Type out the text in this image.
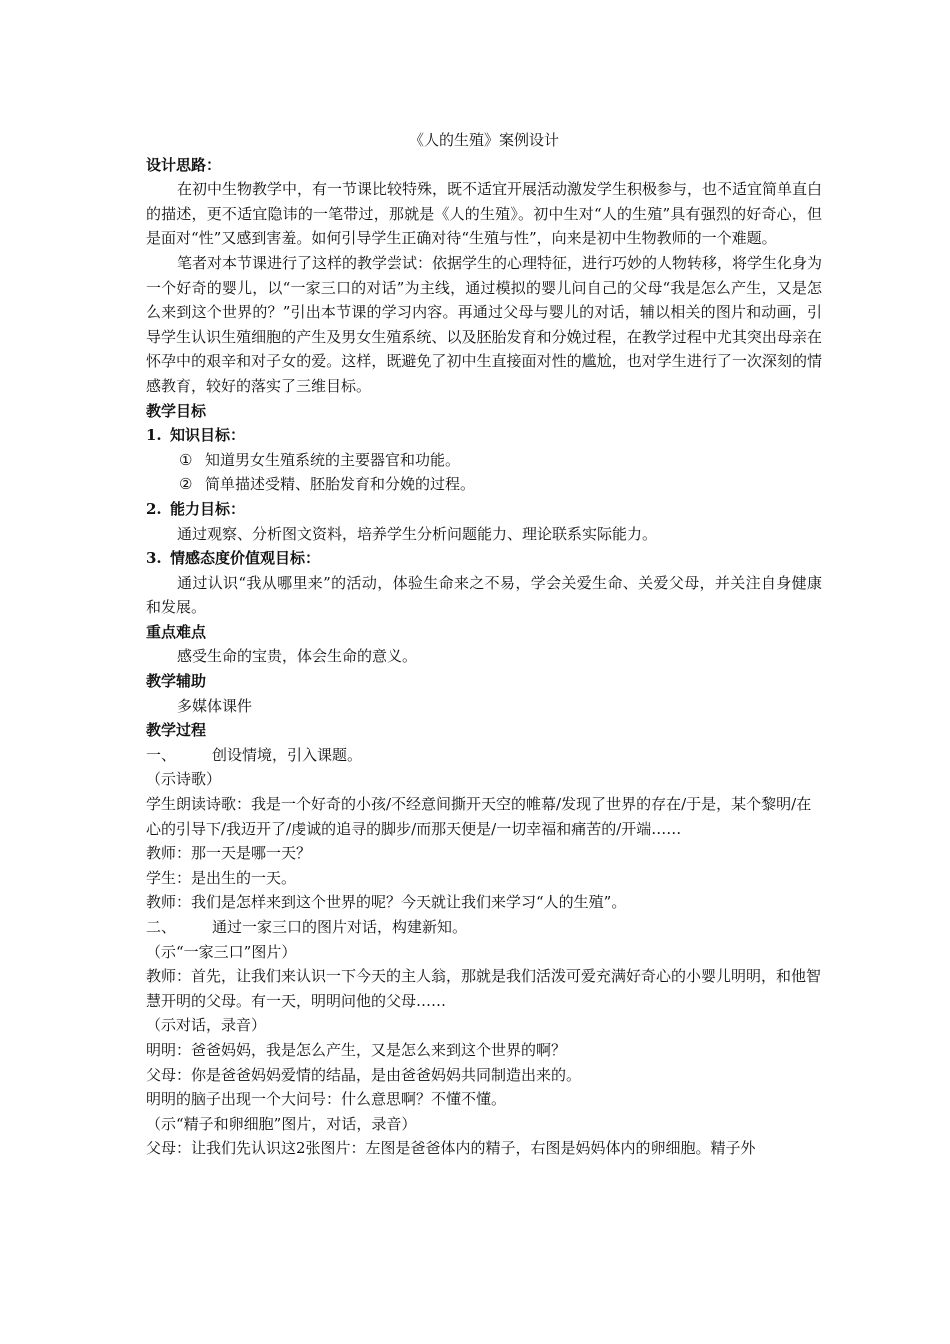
《人的生殖》案例设计
设计思路：
在初中生物教学中，有一节课比较特殊，既不适宜开展活动激发学生积极参与，也不适宜简单直白的描述，更不适宜隐讳的一笔带过，那就是《人的生殖》。初中生对“人的生殖”具有强烈的好奇心，但是面对“性”又感到害羞。如何引导学生正确对待“生殖与性”，向来是初中生物教师的一个难题。
笔者对本节课进行了这样的教学尝试：依据学生的心理特征，进行巧妙的人物转移，将学生化身为一个好奇的婴儿，以“一家三口的对话”为主线，通过模拟的婴儿问自己的父母“我是怎么产生，又是怎么来到这个世界的？”引出本节课的学习内容。再通过父母与婴儿的对话，辅以相关的图片和动画，引导学生认识生殖细胞的产生及男女生殖系统、以及胚胎发育和分娩过程，在教学过程中尤其突出母亲在怀孕中的艰辛和对子女的爱。这样，既避免了初中生直接面对性的尴尬，也对学生进行了一次深刻的情感教育，较好的落实了三维目标。
教学目标
1. 知识目标：
① 知道男女生殖系统的主要器官和功能。
② 简单描述受精、胚胎发育和分娩的过程。
2. 能力目标：
通过观察、分析图文资料，培养学生分析问题能力、理论联系实际能力。
3. 情感态度价值观目标：
通过认识“我从哪里来”的活动，体验生命来之不易，学会关爱生命、关爱父母，并关注自身健康和发展。
重点难点
感受生命的宝贵，体会生命的意义。
教学辅助
多媒体课件
教学过程
一、 创设情境，引入课题。
（示诗歌）
学生朗读诗歌：我是一个好奇的小孩/不经意间撕开天空的帷幕/发现了世界的存在/于是，某个黎明/在心的引导下/我迈开了/虔诚的追寻的脚步/而那天便是/一切幸福和痛苦的/开端……
教师：那一天是哪一天？
学生：是出生的一天。
教师：我们是怎样来到这个世界的呢？今天就让我们来学习“人的生殖”。
二、 通过一家三口的图片对话，构建新知。
（示“一家三口”图片）
教师：首先，让我们来认识一下今天的主人翁，那就是我们活泼可爱充满好奇心的小婴儿明明，和他智慧开明的父母。有一天，明明问他的父母……
（示对话，录音）
明明：爸爸妈妈，我是怎么产生，又是怎么来到这个世界的啊？
父母：你是爸爸妈妈爱情的结晶，是由爸爸妈妈共同制造出来的。
明明的脑子出现一个大问号：什么意思啊？不懂不懂。
（示“精子和卵细胞”图片，对话，录音）
父母：让我们先认识这2张图片：左图是爸爸体内的精子，右图是妈妈体内的卵细胞。精子外
